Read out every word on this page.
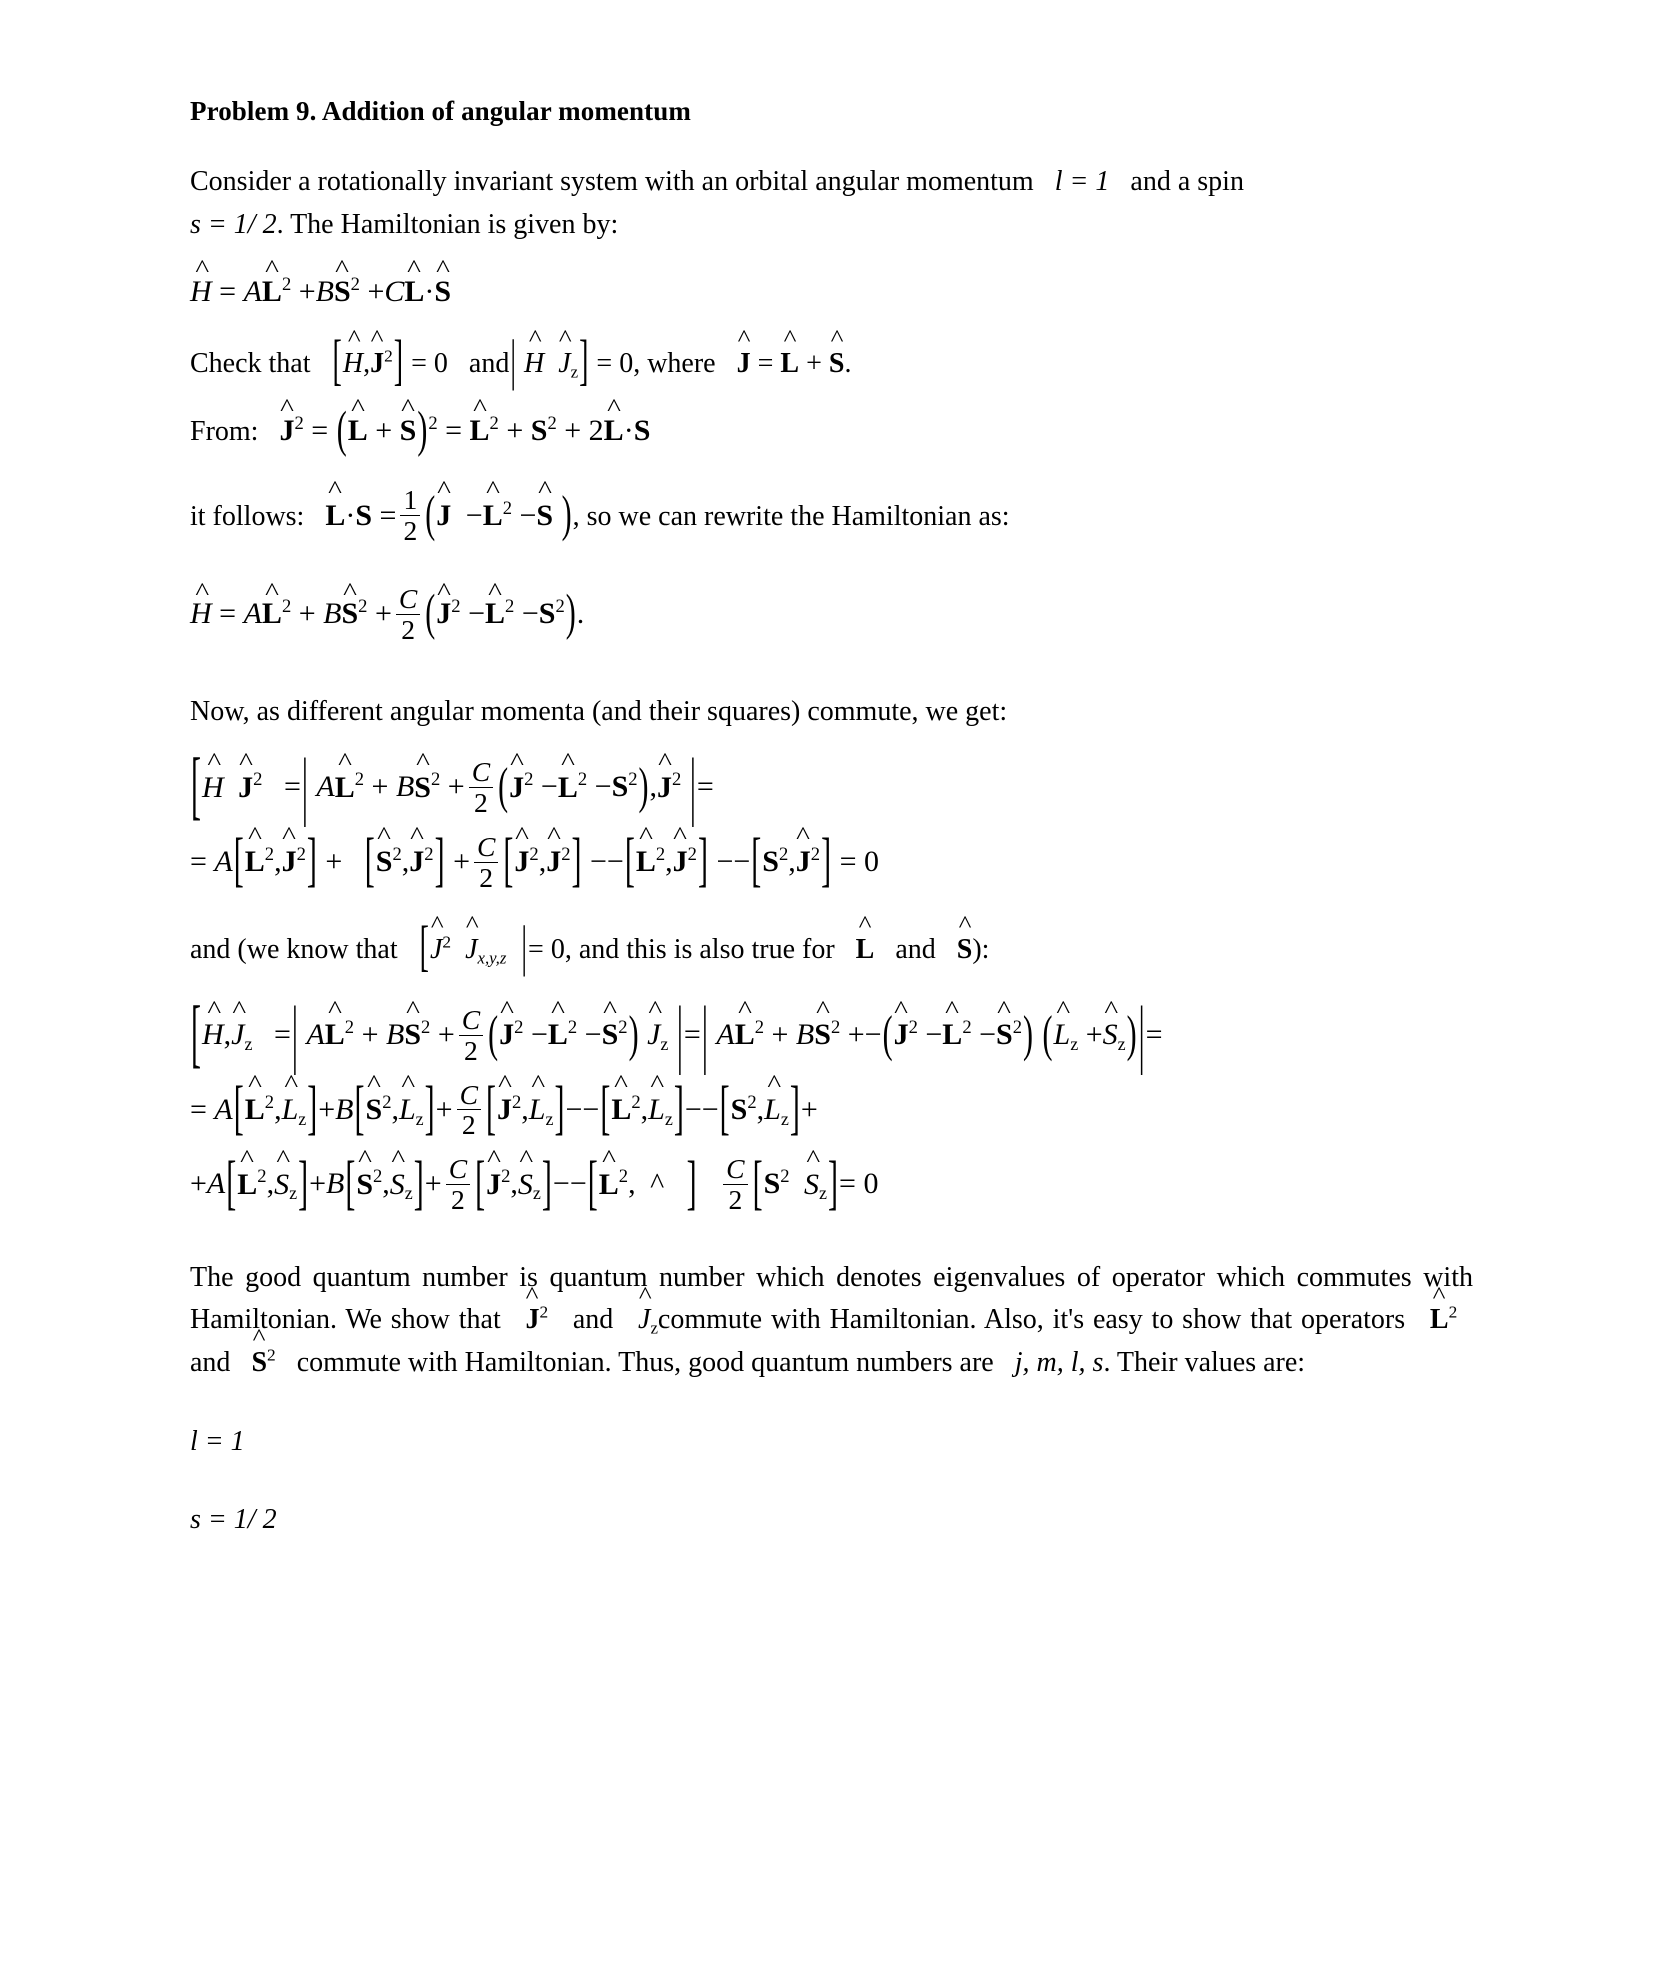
Problem 9. Addition of angular momentum

Consider a rotationally invariant system with an orbital angular momentum l = 1 and a spin
s = 1/ 2. The Hamiltonian is given by:

^ H = A^ $L^2$ +B^ $S^2$ +C^ L·^ S

Check that [^ H,^ $J^2] = 0$ and| ^ H ^ $J_z] = 0$, where ^ J = ^ L + ^ S.

From: ^ $J^2$ = (^ L + ^ S)$^2$ = ^ $L^2 + S^2$ + 2^ L·S

it follows: ^ $L\cdot S = \frac{1}{2}$ (^ J −^ $L^2$ −^ S ), so we can rewrite the Hamiltonian as:

^ H = A^ $L^2$ + B^ $S^2 + \frac{C}{2}$ (^ $J^2$ −^ $L^2 -S^2$).

Now, as different angular momenta (and their squares) commute, we get:

[^ H ^ $J^2$ =| A^ $L^2$ + B^ $S^2 + \frac{C}{2}$ (^ $J^2$ −^ $L^2$ $-S^2),\^{}$ $J^2$ |=
= A[^ $L^2,\^{}$ $J^2$] + [^ $S^2,\^{}$ $J^2] + \frac{C}{2}$ [^ $J^2,\^{}$ $J^2$] −−[^ $L^2,\^{}$ $J^2$] $--[S^2,\^{}$ $J^2] = 0$

and (we know that [^ $J^2$ ^ $J_{x,y,z}$ |= 0, and this is also true for ^ L and ^ S):

[^ H,^ $J_z$ =| A^ $L^2$ + B^ $S^2 + \frac{C}{2}$ (^ $J^2$ −^ $L^2$ −^ $S^2$) ^ $J_z$ |=| A^ $L^2$ + B^ $S^2$ +−(^ $J^2$ −^ $L^2$ −^ $S^2$) (^ $L_z$ +^ $S_z)|=$
= A[^ $L^2,\^{}$ $L_z]+B[\^{}$ $S^2,\^{}$ $L_z]+ \frac{C}{2}$ [^ $J^2,\^{}$ $L_z]--[\^{}$ $L^2,\^{}$ $L_z]--[S^2,\^{}$ $L_z]+$
+A[^ $L^2,\^{}$ $S_z]+B[\^{}$ $S^2,\^{}$ $S_z]+ \frac{C}{2}$ [^ $J^2,\^{}$ $S_z]--[\^{}$ $L^2$, ^ ] $\frac{C}{2} [S^2$ ^ $S_z]= 0$

The good quantum number is quantum number which denotes eigenvalues of operator which commutes with Hamiltonian. We show that ^ $J^2$ and ^ $J_zcommute$ with Hamiltonian. Also, it's easy to show that operators ^ $L^2$  and ^ $S^2$ commute with Hamiltonian. Thus, good quantum numbers are j, m, l, s. Their values are:

l = 1

s = 1/ 2
